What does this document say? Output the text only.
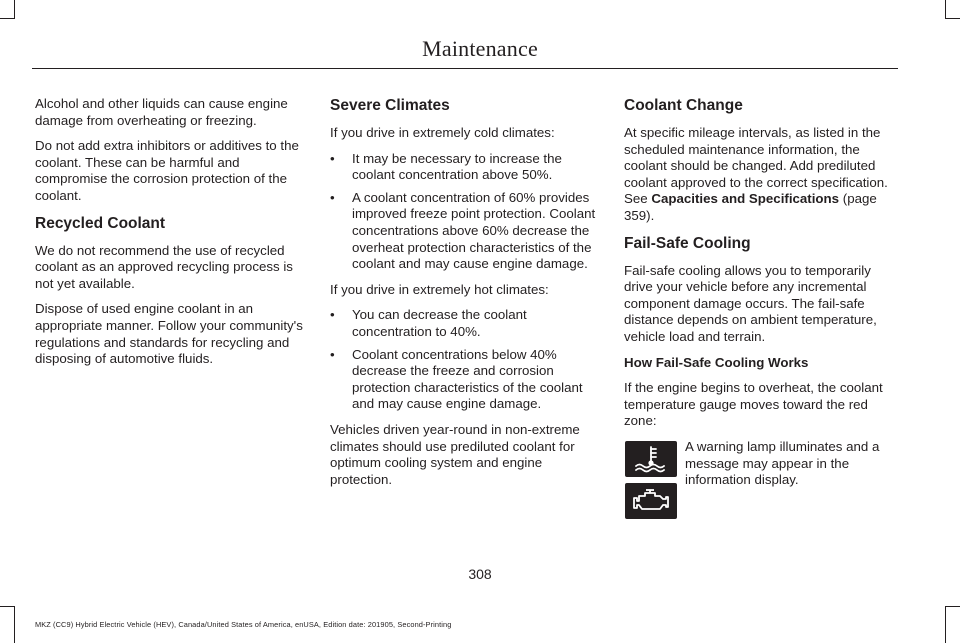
Maintenance

Alcohol and other liquids can cause engine damage from overheating or freezing.

Do not add extra inhibitors or additives to the coolant. These can be harmful and compromise the corrosion protection of the coolant.

Recycled Coolant

We do not recommend the use of recycled coolant as an approved recycling process is not yet available.

Dispose of used engine coolant in an appropriate manner. Follow your community's regulations and standards for recycling and disposing of automotive fluids.

Severe Climates

If you drive in extremely cold climates:

• It may be necessary to increase the coolant concentration above 50%.
• A coolant concentration of 60% provides improved freeze point protection. Coolant concentrations above 60% decrease the overheat protection characteristics of the coolant and may cause engine damage.

If you drive in extremely hot climates:

• You can decrease the coolant concentration to 40%.
• Coolant concentrations below 40% decrease the freeze and corrosion protection characteristics of the coolant and may cause engine damage.

Vehicles driven year-round in non-extreme climates should use prediluted coolant for optimum cooling system and engine protection.

Coolant Change

At specific mileage intervals, as listed in the scheduled maintenance information, the coolant should be changed. Add prediluted coolant approved to the correct specification. See Capacities and Specifications (page 359).

Fail-Safe Cooling

Fail-safe cooling allows you to temporarily drive your vehicle before any incremental component damage occurs. The fail-safe distance depends on ambient temperature, vehicle load and terrain.

How Fail-Safe Cooling Works

If the engine begins to overheat, the coolant temperature gauge moves toward the red zone:

A warning lamp illuminates and a message may appear in the information display.
308
MKZ (CC9) Hybrid Electric Vehicle (HEV), Canada/United States of America, enUSA, Edition date: 201905, Second-Printing
